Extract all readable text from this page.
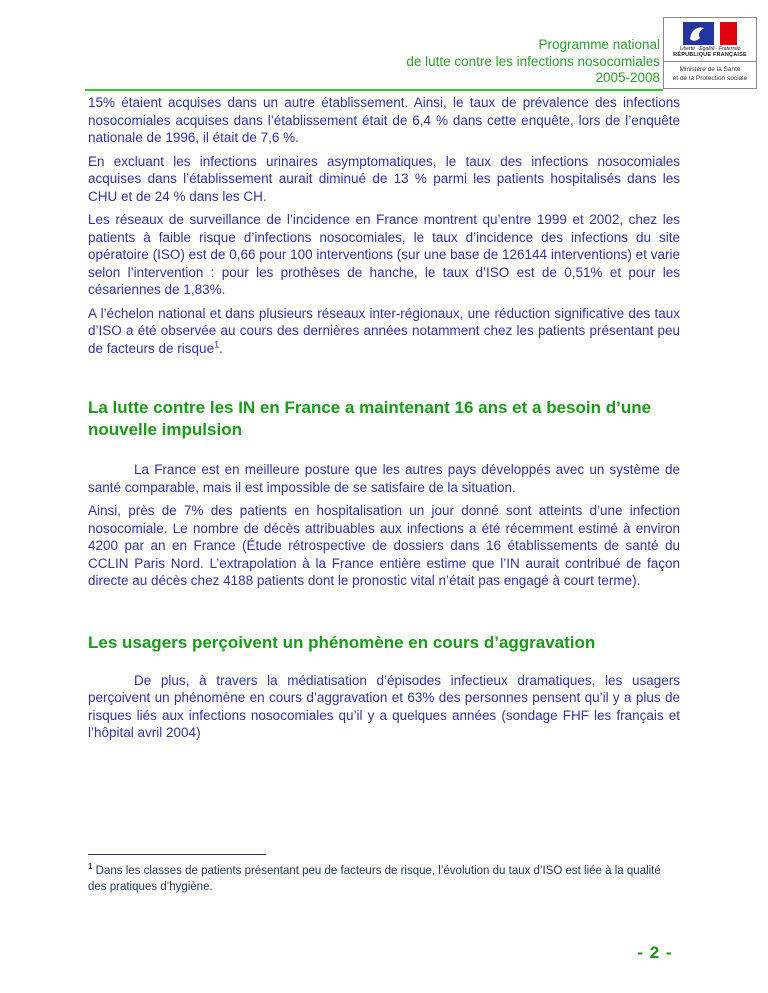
Programme national
de lutte contre les infections nosocomiales
2005-2008
Liberté · Égalité · Fraternité
RÉPUBLIQUE FRANÇAISE
Ministère de la Santé
et de la Protection sociale

15% étaient acquises dans un autre établissement. Ainsi, le taux de prévalence des infections nosocomiales acquises dans l’établissement était de 6,4 % dans cette enquête, lors de l’enquête nationale de 1996, il était de 7,6 %.

En excluant les infections urinaires asymptomatiques, le taux des infections nosocomiales acquises dans l’établissement aurait diminué de 13 % parmi les patients hospitalisés dans les CHU et de 24 % dans les CH.

Les réseaux de surveillance de l’incidence en France montrent qu’entre 1999 et 2002, chez les patients à faible risque d’infections nosocomiales, le taux d’incidence des infections du site opératoire (ISO) est de 0,66 pour 100 interventions (sur une base de 126144 interventions) et varie selon l’intervention : pour les prothèses de hanche, le taux d’ISO est de 0,51% et pour les césariennes de 1,83%.

A l’échelon national et dans plusieurs réseaux inter-régionaux, une réduction significative des taux d’ISO a été observée au cours des dernières années notamment chez les patients présentant peu de facteurs de risque$^1$.

La lutte contre les IN en France a maintenant 16 ans et a besoin d’une nouvelle impulsion

La France est en meilleure posture que les autres pays développés avec un système de santé comparable, mais il est impossible de se satisfaire de la situation.

Ainsi, près de 7% des patients en hospitalisation un jour donné sont atteints d’une infection nosocomiale. Le nombre de décès attribuables aux infections a été récemment estimé à environ 4200 par an en France (Étude rétrospective de dossiers dans 16 établissements de santé du CCLIN Paris Nord. L’extrapolation à la France entière estime que l’IN aurait contribué de façon directe au décès chez 4188 patients dont le pronostic vital n’était pas engagé à court terme).

Les usagers perçoivent un phénomène en cours d’aggravation

De plus, à travers la médiatisation d’épisodes infectieux dramatiques, les usagers perçoivent un phénomène en cours d’aggravation et 63% des personnes pensent qu’il y a plus de risques liés aux infections nosocomiales qu’il y a quelques années (sondage FHF les français et l’hôpital avril 2004)

$^1$ Dans les classes de patients présentant peu de facteurs de risque, l’évolution du taux d’ISO est liée à la qualité des pratiques d’hygiène.

- 2 -
